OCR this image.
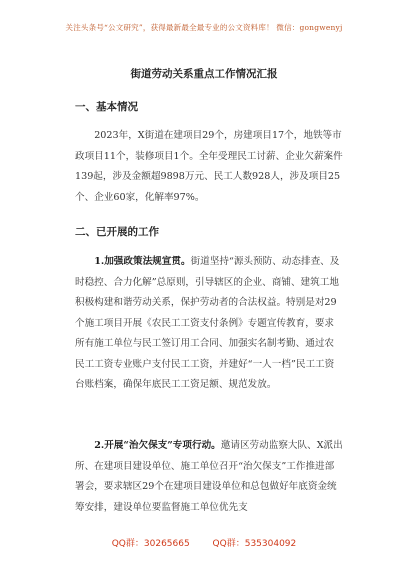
关注头条号“公文研究”，获得最新最全最专业的公文资料库！ 微信：gongwenyj
街道劳动关系重点工作情况汇报
一、基本情况

2023年，X街道在建项目29个，房建项目17个，地铁等市政项目11个，装修项目1个。全年受理民工讨薪、企业欠薪案件139起，涉及金额超9898万元、民工人数928人，涉及项目25个、企业60家，化解率97%。

二、已开展的工作

1.加强政策法规宣贯。街道坚持“源头预防、动态排查、及时稳控、合力化解”总原则，引导辖区的企业、商铺、建筑工地积极构建和谐劳动关系，保护劳动者的合法权益。特别是对29个施工项目开展《农民工工资支付条例》专题宣传教育，要求所有施工单位与民工签订用工合同、加强实名制考勤、通过农民工工资专业账户支付民工工资，并建好“一人一档”民工工资台账档案，确保年底民工工资足额、规范发放。

2.开展“治欠保支”专项行动。邀请区劳动监察大队、X派出所、在建项目建设单位、施工单位召开“治欠保支”工作推进部署会，要求辖区29个在建项目建设单位和总包做好年底资金统筹安排，建设单位要监督施工单位优先支

QQ群：30265665 QQ群：535304092
